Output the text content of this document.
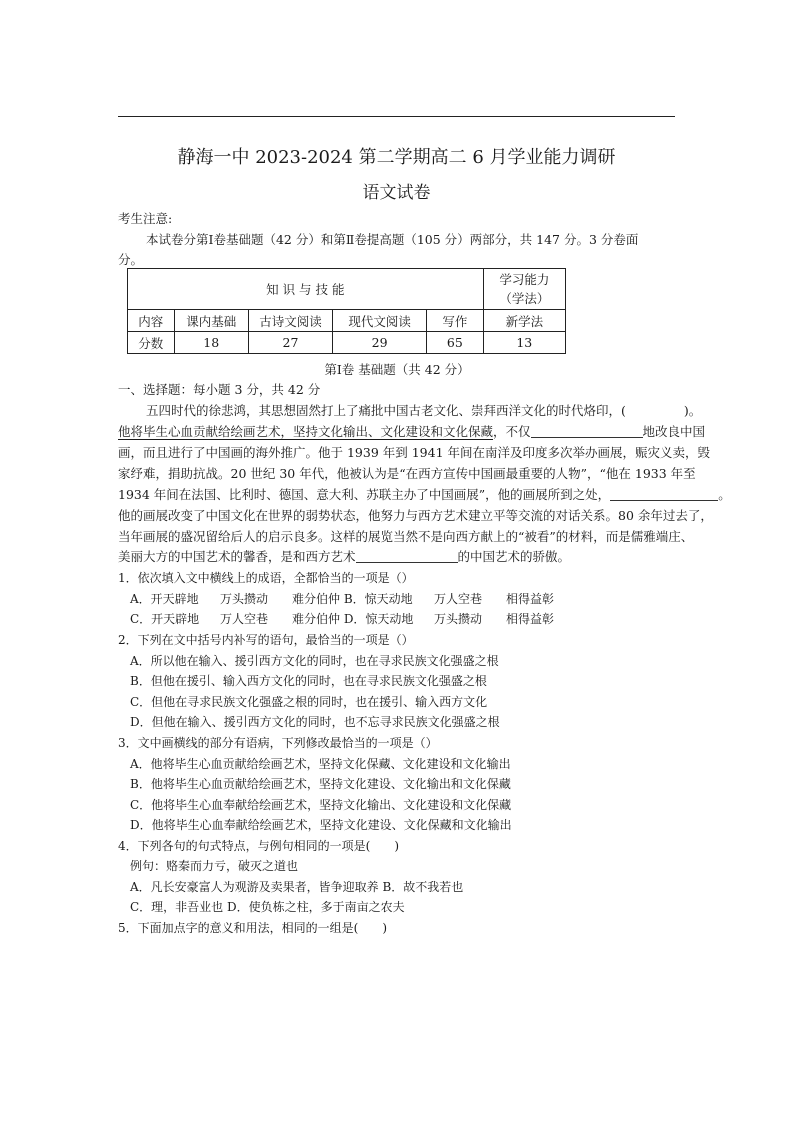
静海一中 2023-2024 第二学期高二 6 月学业能力调研
语文试卷
考生注意:
本试卷分第Ⅰ卷基础题（42 分）和第Ⅱ卷提高题（105 分）两部分，共 147 分。3 分卷面
分。
知 识 与 技 能					学习能力
（学法）
内容	课内基础	古诗文阅读	现代文阅读	写作	新学法
分数	18	27	29	65	13
第Ⅰ卷 基础题（共 42 分）
一、选择题：每小题 3 分，共 42 分
五四时代的徐悲鸿，其思想固然打上了痛批中国古老文化、崇拜西洋文化的时代烙印，(	)。
他将毕生心血贡献给绘画艺术，坚持文化输出、文化建设和文化保藏，不仅	地改良中国
画，而且进行了中国画的海外推广。他于 1939 年到 1941 年间在南洋及印度多次举办画展，赈灾义卖，毁
家纾难，捐助抗战。20 世纪 30 年代，他被认为是“在西方宣传中国画最重要的人物”，“他在 1933 年至
1934 年间在法国、比利时、德国、意大利、苏联主办了中国画展”，他的画展所到之处，	。
他的画展改变了中国文化在世界的弱势状态，他努力与西方艺术建立平等交流的对话关系。80 余年过去了，
当年画展的盛况留给后人的启示良多。这样的展览当然不是向西方献上的“被看”的材料，而是儒雅端庄、
美丽大方的中国艺术的馨香，是和西方艺术	的中国艺术的骄傲。
1．依次填入文中横线上的成语，全都恰当的一项是（）
A．开天辟地 万头攒动 难分伯仲 B．惊天动地 万人空巷 相得益彰
C．开天辟地 万人空巷 难分伯仲 D．惊天动地 万头攒动 相得益彰
2．下列在文中括号内补写的语句，最恰当的一项是（）
A．所以他在输入、援引西方文化的同时，也在寻求民族文化强盛之根
B．但他在援引、输入西方文化的同时，也在寻求民族文化强盛之根
C．但他在寻求民族文化强盛之根的同时，也在援引、输入西方文化
D．但他在输入、援引西方文化的同时，也不忘寻求民族文化强盛之根
3．文中画横线的部分有语病，下列修改最恰当的一项是（）
A．他将毕生心血贡献给绘画艺术，坚持文化保藏、文化建设和文化输出
B．他将毕生心血贡献给绘画艺术，坚持文化建设、文化输出和文化保藏
C．他将毕生心血奉献给绘画艺术，坚持文化输出、文化建设和文化保藏
D．他将毕生心血奉献给绘画艺术，坚持文化建设、文化保藏和文化输出
4．下列各句的句式特点，与例句相同的一项是(　　)
例句：赂秦而力亏，破灭之道也
A．凡长安豪富人为观游及卖果者，皆争迎取养 B．故不我若也
C．理，非吾业也 D．使负栋之柱，多于南亩之农夫
5．下面加点字的意义和用法，相同的一组是(　　)
